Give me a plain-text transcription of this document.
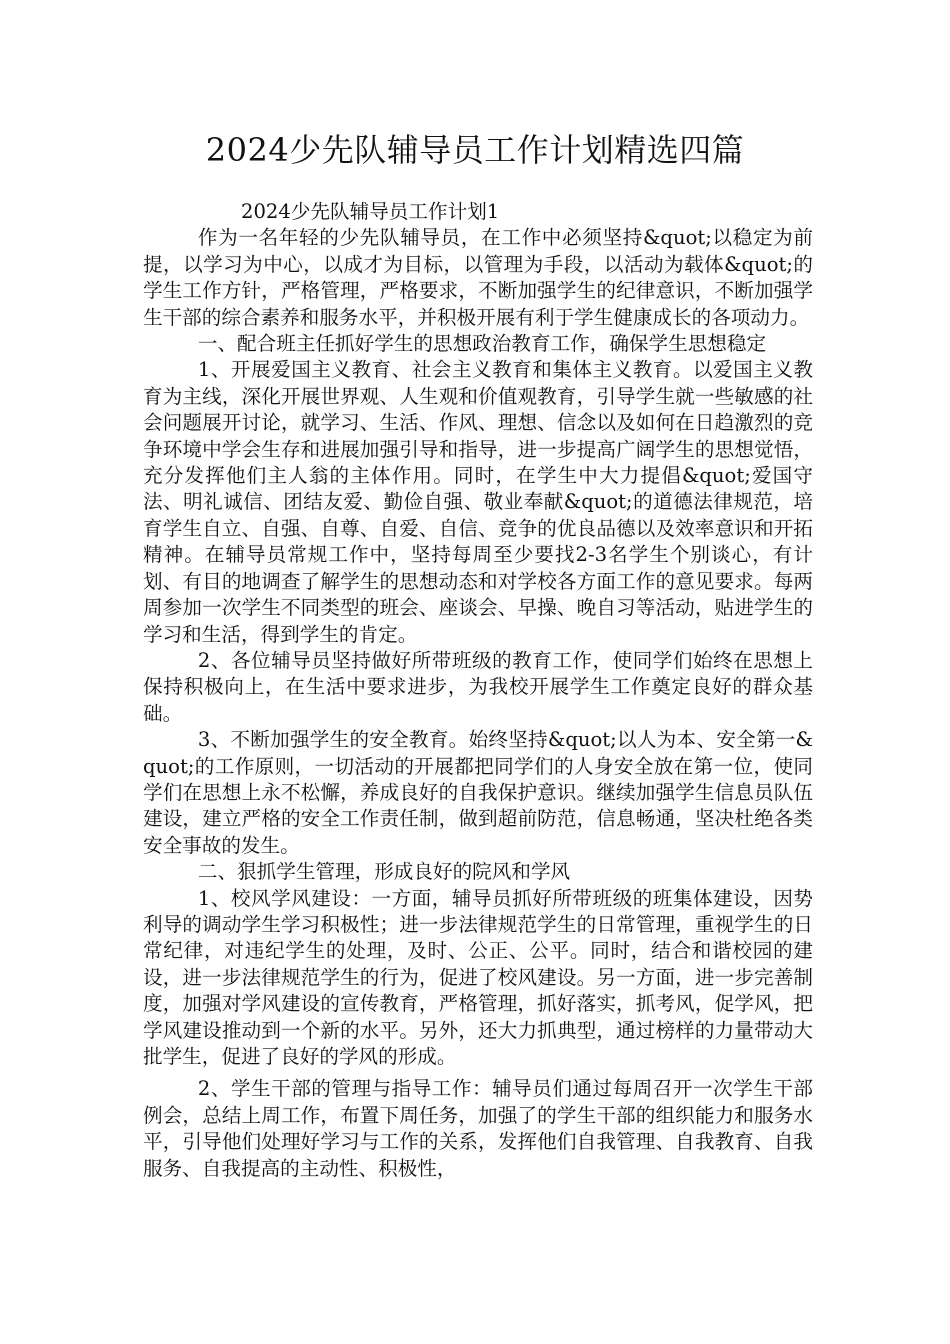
2024少先队辅导员工作计划精选四篇

2024少先队辅导员工作计划1

作为一名年轻的少先队辅导员，在工作中必须坚持&quot;以稳定为前提，以学习为中心，以成才为目标，以管理为手段，以活动为载体&quot;的学生工作方针，严格管理，严格要求，不断加强学生的纪律意识，不断加强学生干部的综合素养和服务水平，并积极开展有利于学生健康成长的各项动力。

一、配合班主任抓好学生的思想政治教育工作，确保学生思想稳定

1、开展爱国主义教育、社会主义教育和集体主义教育。以爱国主义教育为主线，深化开展世界观、人生观和价值观教育，引导学生就一些敏感的社会问题展开讨论，就学习、生活、作风、理想、信念以及如何在日趋激烈的竞争环境中学会生存和进展加强引导和指导，进一步提高广阔学生的思想觉悟，充分发挥他们主人翁的主体作用。同时，在学生中大力提倡&quot;爱国守法、明礼诚信、团结友爱、勤俭自强、敬业奉献&quot;的道德法律规范，培育学生自立、自强、自尊、自爱、自信、竞争的优良品德以及效率意识和开拓精神。在辅导员常规工作中，坚持每周至少要找2-3名学生个别谈心，有计划、有目的地调查了解学生的思想动态和对学校各方面工作的意见要求。每两周参加一次学生不同类型的班会、座谈会、早操、晚自习等活动，贴进学生的学习和生活，得到学生的肯定。

2、各位辅导员坚持做好所带班级的教育工作，使同学们始终在思想上保持积极向上，在生活中要求进步，为我校开展学生工作奠定良好的群众基础。

3、不断加强学生的安全教育。始终坚持&quot;以人为本、安全第一&quot;的工作原则，一切活动的开展都把同学们的人身安全放在第一位，使同学们在思想上永不松懈，养成良好的自我保护意识。继续加强学生信息员队伍建设，建立严格的安全工作责任制，做到超前防范，信息畅通，坚决杜绝各类安全事故的发生。

二、狠抓学生管理，形成良好的院风和学风

1、校风学风建设：一方面，辅导员抓好所带班级的班集体建设，因势利导的调动学生学习积极性；进一步法律规范学生的日常管理，重视学生的日常纪律，对违纪学生的处理，及时、公正、公平。同时，结合和谐校园的建设，进一步法律规范学生的行为，促进了校风建设。另一方面，进一步完善制度，加强对学风建设的宣传教育，严格管理，抓好落实，抓考风，促学风，把学风建设推动到一个新的水平。另外，还大力抓典型，通过榜样的力量带动大批学生，促进了良好的学风的形成。

2、学生干部的管理与指导工作：辅导员们通过每周召开一次学生干部例会，总结上周工作，布置下周任务，加强了的学生干部的组织能力和服务水平，引导他们处理好学习与工作的关系，发挥他们自我管理、自我教育、自我服务、自我提高的主动性、积极性，
